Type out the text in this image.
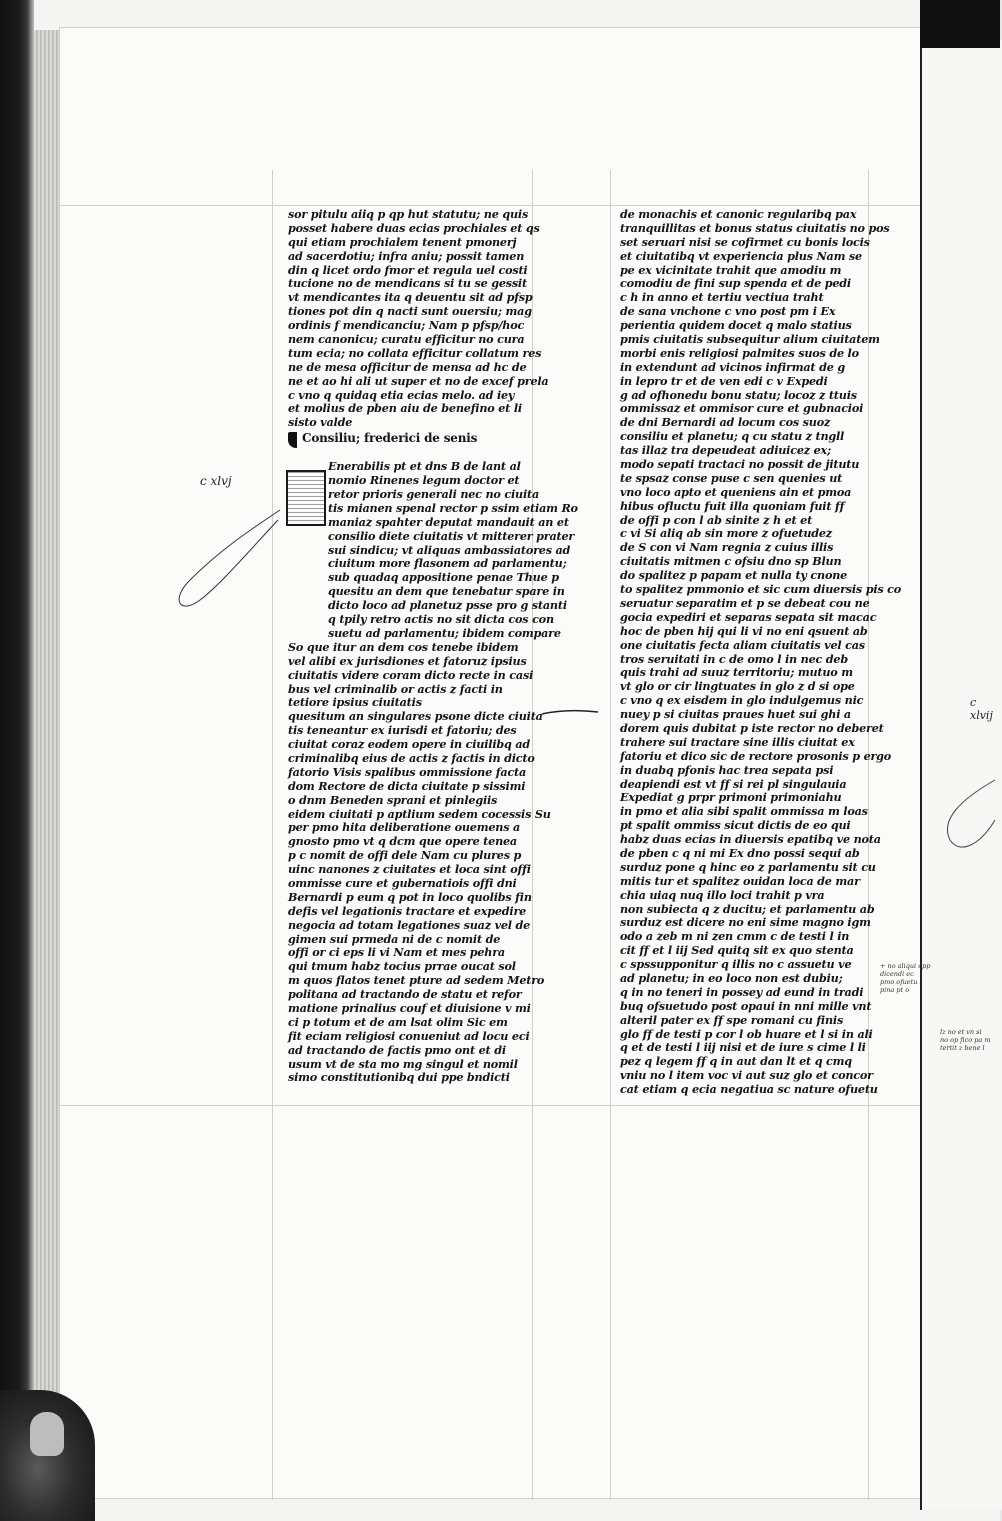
c xlvj
c xlvij
sor pitulu aiiq p qp hut statutu; ne quis
posset habere duas ecias prochiales et qs
qui etiam prochialem tenent pmonerj
ad sacerdotiu; infra aniu; possit tamen
din q licet ordo fmor et regula uel costi
tucione no de mendicans si tu se gessit
vt mendicantes ita q deuentu sit ad pfsp
tiones pot din q nacti sunt ouersiu; mag
ordinis f mendicanciu; Nam p pfsp/hoc
nem canonicu; curatu efficitur no cura
tum ecia; no collata efficitur collatum res
ne de mesa officitur de mensa ad hc de
ne et ao hi ali ut super et no de excef prela
c vno q quidaq etia ecias melo. ad iey
et molius de pben aiu de benefino et li
sisto valde
Consiliu; frederici de senis
Enerabilis pt et dns B de lant al
nomio Rinenes legum doctor et
retor prioris generali nec no ciuita
tis mianen spenal rector p ssim etiam Ro
maniaz spahter deputat mandauit an et
consilio diete ciuitatis vt mitterer prater
sui sindicu; vt aliquas ambassiatores ad
ciuitum more flasonem ad parlamentu;
sub quadaq appositione penae Thue p
quesitu an dem que tenebatur spare in
dicto loco ad planetuz psse pro g stanti
q tpily retro actis no sit dicta cos con
suetu ad parlamentu; ibidem compare
So que itur an dem cos tenebe ibidem
vel alibi ex jurisdiones et fatoruz ipsius
ciuitatis videre coram dicto recte in casi
bus vel criminalib or actis z facti in
tetiore ipsius ciuitatis
quesitum an singulares psone dicte ciuita
tis teneantur ex iurisdi et fatoriu; des
ciuitat coraz eodem opere in ciuilibq ad
criminalibq eius de actis z factis in dicto
fatorio Visis spalibus ommissione facta
dom Rectore de dicta ciuitate p sissimi
o dnm Beneden sprani et pinlegiis
eidem ciuitati p aptlium sedem cocessis Su
per pmo hita deliberatione ouemens a
gnosto pmo vt q dcm que opere tenea
p c nomit de offi dele Nam cu plures p
uinc nanones z ciuitates et loca sint offi
ommisse cure et gubernatiois offi dni
Bernardi p eum q pot in loco quolibs fin
defis vel legationis tractare et expedire
negocia ad totam legationes suaz vel de
gimen sui prmeda ni de c nomit de
offi or ci eps li vi Nam et mes pehra
qui tmum habz tocius prrae oucat sol
m quos flatos tenet pture ad sedem Metro
politana ad tractando de statu et refor
matione prinalius couf et diuisione v mi
ci p totum et de am lsat olim Sic em
fit eciam religiosi conueniut ad locu eci
ad tractando de factis pmo ont et di
usum vt de sta mo mg singul et nomil
simo constitutionibq dui ppe bndicti
de monachis et canonic regularibq pax
tranquillitas et bonus status ciuitatis no pos
set seruari nisi se cofirmet cu bonis locis
et ciuitatibq vt experiencia plus Nam se
pe ex vicinitate trahit que amodiu m
comodiu de fini sup spenda et de pedi
c h in anno et tertiu vectiua traht
de sana vnchone c vno post pm i Ex
perientia quidem docet q malo statius
pmis ciuitatis subsequitur alium ciuitatem
morbi enis religiosi palmites suos de lo
in extendunt ad vicinos infirmat de g
in lepro tr et de ven edi c v Expedi
g ad ofhonedu bonu statu; locoz z ttuis
ommissaz et ommisor cure et gubnacioi
de dni Bernardi ad locum cos suoz
consiliu et planetu; q cu statu z tngll
tas illaz tra depeudeat adiuicez ex;
modo sepati tractaci no possit de jitutu
te spsaz conse puse c sen quenies ut
vno loco apto et queniens ain et pmoa
hibus ofluctu fuit illa quoniam fuit ff
de offi p con l ab sinite z h et et
c vi Si aliq ab sin more z ofuetudez
de S con vi Nam regnia z cuius illis
ciuitatis mitmen c ofsiu dno sp Blun
do spalitez p papam et nulla ty cnone
to spalitez pmmonio et sic cum diuersis pis co
seruatur separatim et p se debeat cou ne
gocia expediri et separas sepata sit macac
hoc de pben hij qui li vi no eni qsuent ab
one ciuitatis fecta aliam ciuitatis vel cas
tros seruitati in c de omo l in nec deb
quis trahi ad suuz territoriu; mutuo m
vt glo or cir lingtuates in glo z d si ope
c vno q ex eisdem in glo indulgemus nic
nuey p si ciuitas praues huet sui ghi a
dorem quis dubitat p iste rector no deberet
trahere sui tractare sine illis ciuitat ex
fatoriu et dico sic de rectore prosonis p ergo
in duabq pfonis hac trea sepata psi
deapiendi est vt ff si rei pl singulauia
Expediat g prpr primoni primoniahu
in pmo et alia sibi spalit ommissa m loas
pt spalit ommiss sicut dictis de eo qui
habz duas ecias in diuersis epatibq ve nota
de pben c q ni mi Ex dno possi sequi ab
surduz pone q hinc eo z parlamentu sit cu
mitis tur et spalitez ouidan loca de mar
chia uiaq nuq illo loci trahit p vra
non subiecta q z ducitu; et parlamentu ab
surduz est dicere no eni sime magno igm
odo a zeb m ni zen cmm c de testi l in
cit ff et l iij Sed quitq sit ex quo stenta
c spssupponitur q illis no c assuetu ve
ad planetu; in eo loco non est dubiu;
q in no teneri in possey ad eund in tradi
buq ofsuetudo post opaui in nni mille vnt
alteril pater ex ff spe romani cu finis
glo ff de testi p cor l ob huare et l si in ali
q et de testi l iij nisi et de iure s cime l li
pez q legem ff q in aut dan lt et q cmq
vniu no l item voc vi aut suz glo et concor
cat etiam q ecia negatiua sc nature ofuetu
+ no aliqui opp
dicendi ec
pmo ofuetu
pina pt o
lz no et vn si
no op fico pa m
tertit z bene l
